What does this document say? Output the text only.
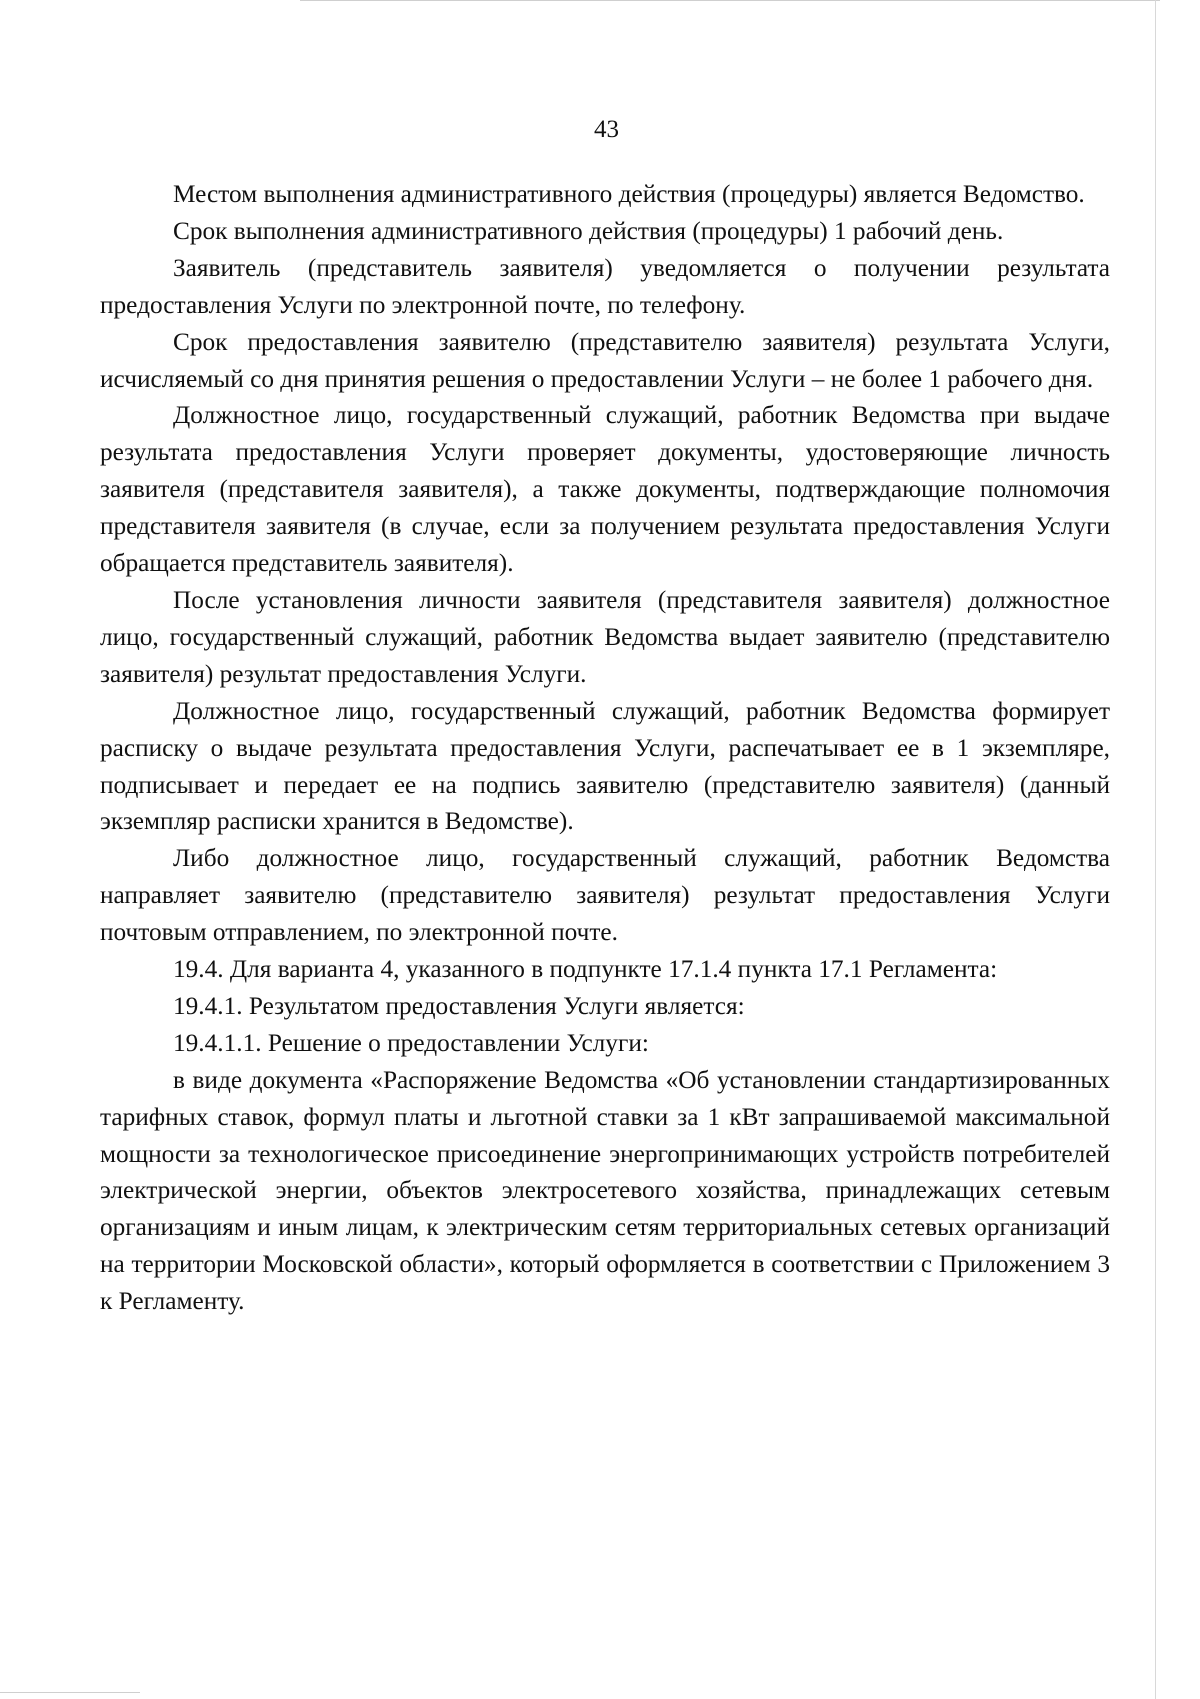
43

Местом выполнения административного действия (процедуры) является Ведомство.

Срок выполнения административного действия (процедуры) 1 рабочий день.

Заявитель (представитель заявителя) уведомляется о получении результата предоставления Услуги по электронной почте, по телефону.

Срок предоставления заявителю (представителю заявителя) результата Услуги, исчисляемый со дня принятия решения о предоставлении Услуги – не более 1 рабочего дня.

Должностное лицо, государственный служащий, работник Ведомства при выдаче результата предоставления Услуги проверяет документы, удостоверяющие личность заявителя (представителя заявителя), а также документы, подтверждающие полномочия представителя заявителя (в случае, если за получением результата предоставления Услуги обращается представитель заявителя).

После установления личности заявителя (представителя заявителя) должностное лицо, государственный служащий, работник Ведомства выдает заявителю (представителю заявителя) результат предоставления Услуги.

Должностное лицо, государственный служащий, работник Ведомства формирует расписку о выдаче результата предоставления Услуги, распечатывает ее в 1 экземпляре, подписывает и передает ее на подпись заявителю (представителю заявителя) (данный экземпляр расписки хранится в Ведомстве).

Либо должностное лицо, государственный служащий, работник Ведомства направляет заявителю (представителю заявителя) результат предоставления Услуги почтовым отправлением, по электронной почте.

19.4. Для варианта 4, указанного в подпункте 17.1.4 пункта 17.1 Регламента:

19.4.1. Результатом предоставления Услуги является:

19.4.1.1. Решение о предоставлении Услуги:

в виде документа «Распоряжение Ведомства «Об установлении стандартизированных тарифных ставок, формул платы и льготной ставки за 1 кВт запрашиваемой максимальной мощности за технологическое присоединение энергопринимающих устройств потребителей электрической энергии, объектов электросетевого хозяйства, принадлежащих сетевым организациям и иным лицам, к электрическим сетям территориальных сетевых организаций на территории Московской области», который оформляется в соответствии с Приложением 3 к Регламенту.
